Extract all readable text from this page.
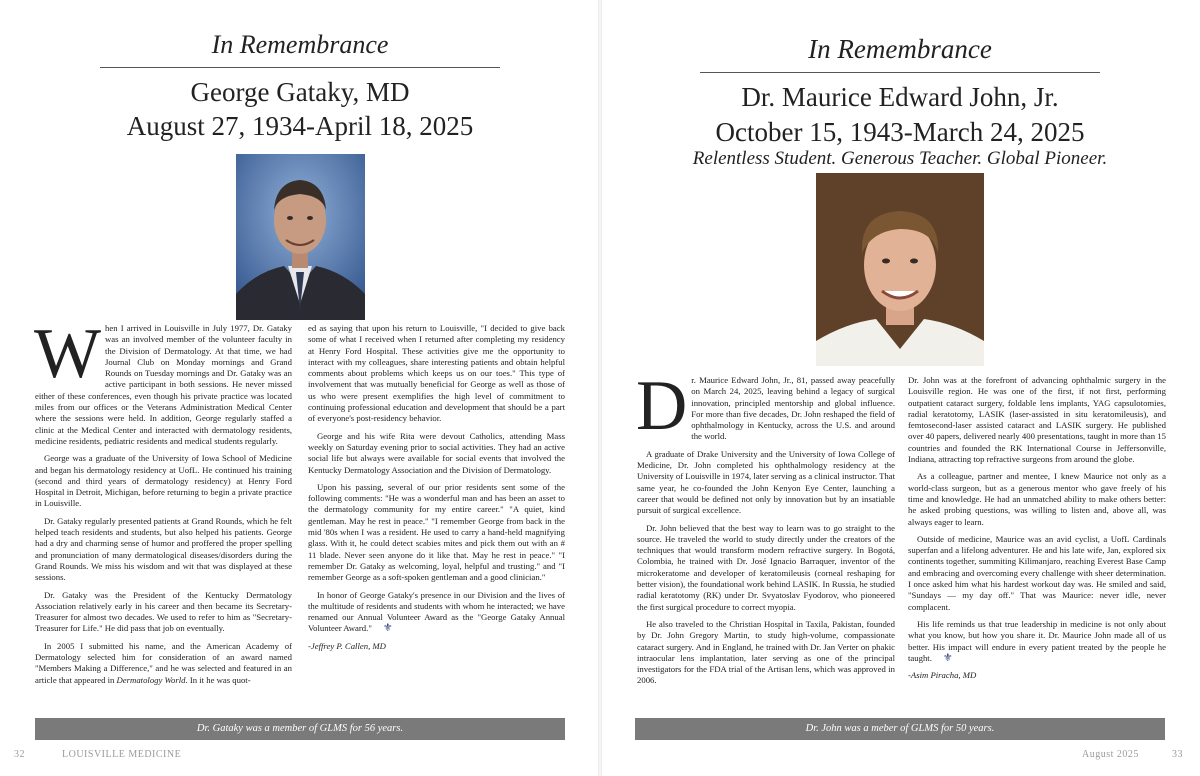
In Remembrance
George Gataky, MD
August 27, 1934-April 18, 2025
W hen I arrived in Louisville in July 1977, Dr. Gataky was an involved member of the volunteer faculty in the Division of Dermatology. At that time, we had Journal Club on Monday mornings and Grand Rounds on Tuesday mornings and Dr. Gataky was an active participant in both sessions. He never missed either of these conferences, even though his private practice was located miles from our offices or the Veterans Administration Medical Center where the sessions were held. In addition, George regularly staffed a clinic at the Medical Center and interacted with dermatology residents, medicine residents, pediatric residents and medical students regularly.

George was a graduate of the University of Iowa School of Medicine and began his dermatology residency at UofL. He continued his training (second and third years of dermatology residency) at Henry Ford Hospital in Detroit, Michigan, before returning to begin a private practice in Louisville.

Dr. Gataky regularly presented patients at Grand Rounds, which he felt helped teach residents and students, but also helped his patients. George had a dry and charming sense of humor and proffered the proper spelling and pronunciation of many dermatological diseases/disorders during the Grand Rounds. We miss his wisdom and wit that was displayed at these sessions.

Dr. Gataky was the President of the Kentucky Dermatology Association relatively early in his career and then became its Secretary-Treasurer for almost two decades. We used to refer to him as "Secretary-Treasurer for Life." He did pass that job on eventually.

In 2005 I submitted his name, and the American Academy of Dermatology selected him for consideration of an award named "Members Making a Difference," and he was selected and featured in an article that appeared in Dermatology World. In it he was quot-

ed as saying that upon his return to Louisville, "I decided to give back some of what I received when I returned after completing my residency at Henry Ford Hospital. These activities give me the opportunity to interact with my colleagues, share interesting patients and obtain helpful comments about problems which keeps us on our toes." This type of involvement that was mutually beneficial for George as well as those of us who were present exemplifies the high level of commitment to continuing professional education and development that should be a part of everyone's post-residency behavior.

George and his wife Rita were devout Catholics, attending Mass weekly on Saturday evening prior to social activities. They had an active social life but always were available for social events that involved the Kentucky Dermatology Association and the Division of Dermatology.

Upon his passing, several of our prior residents sent some of the following comments: "He was a wonderful man and has been an asset to the dermatology community for my entire career." "A quiet, kind gentleman. May he rest in peace." "I remember George from back in the mid '80s when I was a resident. He used to carry a hand-held magnifying glass. With it, he could detect scabies mites and pick them out with an # 11 blade. Never seen anyone do it like that. May he rest in peace." "I remember Dr. Gataky as welcoming, loyal, helpful and trusting." and "I remember George as a soft-spoken gentleman and a good clinician."

In honor of George Gataky's presence in our Division and the lives of the multitude of residents and students with whom he interacted; we have renamed our Annual Volunteer Award as the "George Gataky Annual Volunteer Award." ⚜

-Jeffrey P. Callen, MD
Dr. Gataky was a member of GLMS for 56 years.
32	LOUISVILLE MEDICINE
In Remembrance
Dr. Maurice Edward John, Jr.
October 15, 1943-March 24, 2025
Relentless Student. Generous Teacher. Global Pioneer.
D r. Maurice Edward John, Jr., 81, passed away peacefully on March 24, 2025, leaving behind a legacy of surgical innovation, principled mentorship and global influence. For more than five decades, Dr. John reshaped the field of ophthalmology in Kentucky, across the U.S. and around the world.

A graduate of Drake University and the University of Iowa College of Medicine, Dr. John completed his ophthalmology residency at the University of Louisville in 1974, later serving as a clinical instructor. That same year, he co-founded the John Kenyon Eye Center, launching a career that would be defined not only by innovation but by an insatiable pursuit of surgical excellence.

Dr. John believed that the best way to learn was to go straight to the source. He traveled the world to study directly under the creators of the techniques that would transform modern refractive surgery. In Bogotá, Colombia, he trained with Dr. José Ignacio Barraquer, inventor of the microkeratome and developer of keratomileusis (corneal reshaping for better vision), the foundational work behind LASIK. In Russia, he studied radial keratotomy (RK) under Dr. Svyatoslav Fyodorov, who pioneered the first surgical procedure to correct myopia.

He also traveled to the Christian Hospital in Taxila, Pakistan, founded by Dr. John Gregory Martin, to study high-volume, compassionate cataract surgery. And in England, he trained with Dr. Jan Verter on phakic intraocular lens implantation, later serving as one of the principal investigators for the FDA trial of the Artisan lens, which was approved in 2006.

Dr. John was at the forefront of advancing ophthalmic surgery in the Louisville region. He was one of the first, if not first, performing outpatient cataract surgery, foldable lens implants, YAG capsulotomies, radial keratotomy, LASIK (laser-assisted in situ keratomileusis), and femtosecond-laser assisted cataract and LASIK surgery. He published over 40 papers, delivered nearly 400 presentations, taught in more than 15 countries and founded the RK International Course in Jeffersonville, Indiana, attracting top refractive surgeons from around the globe.

As a colleague, partner and mentee, I knew Maurice not only as a world-class surgeon, but as a generous mentor who gave freely of his time and knowledge. He had an unmatched ability to make others better: he asked probing questions, was willing to listen and, above all, was always eager to learn.

Outside of medicine, Maurice was an avid cyclist, a UofL Cardinals superfan and a lifelong adventurer. He and his late wife, Jan, explored six continents together, summiting Kilimanjaro, reaching Everest Base Camp and embracing and overcoming every challenge with sheer determination. I once asked him what his hardest workout day was. He smiled and said, "Sundays — my day off." That was Maurice: never idle, never complacent.

His life reminds us that true leadership in medicine is not only about what you know, but how you share it. Dr. Maurice John made all of us better. His impact will endure in every patient treated by the people he taught. ⚜

-Asim Piracha, MD
Dr. John was a meber of GLMS for 50 years.
August 2025	33
